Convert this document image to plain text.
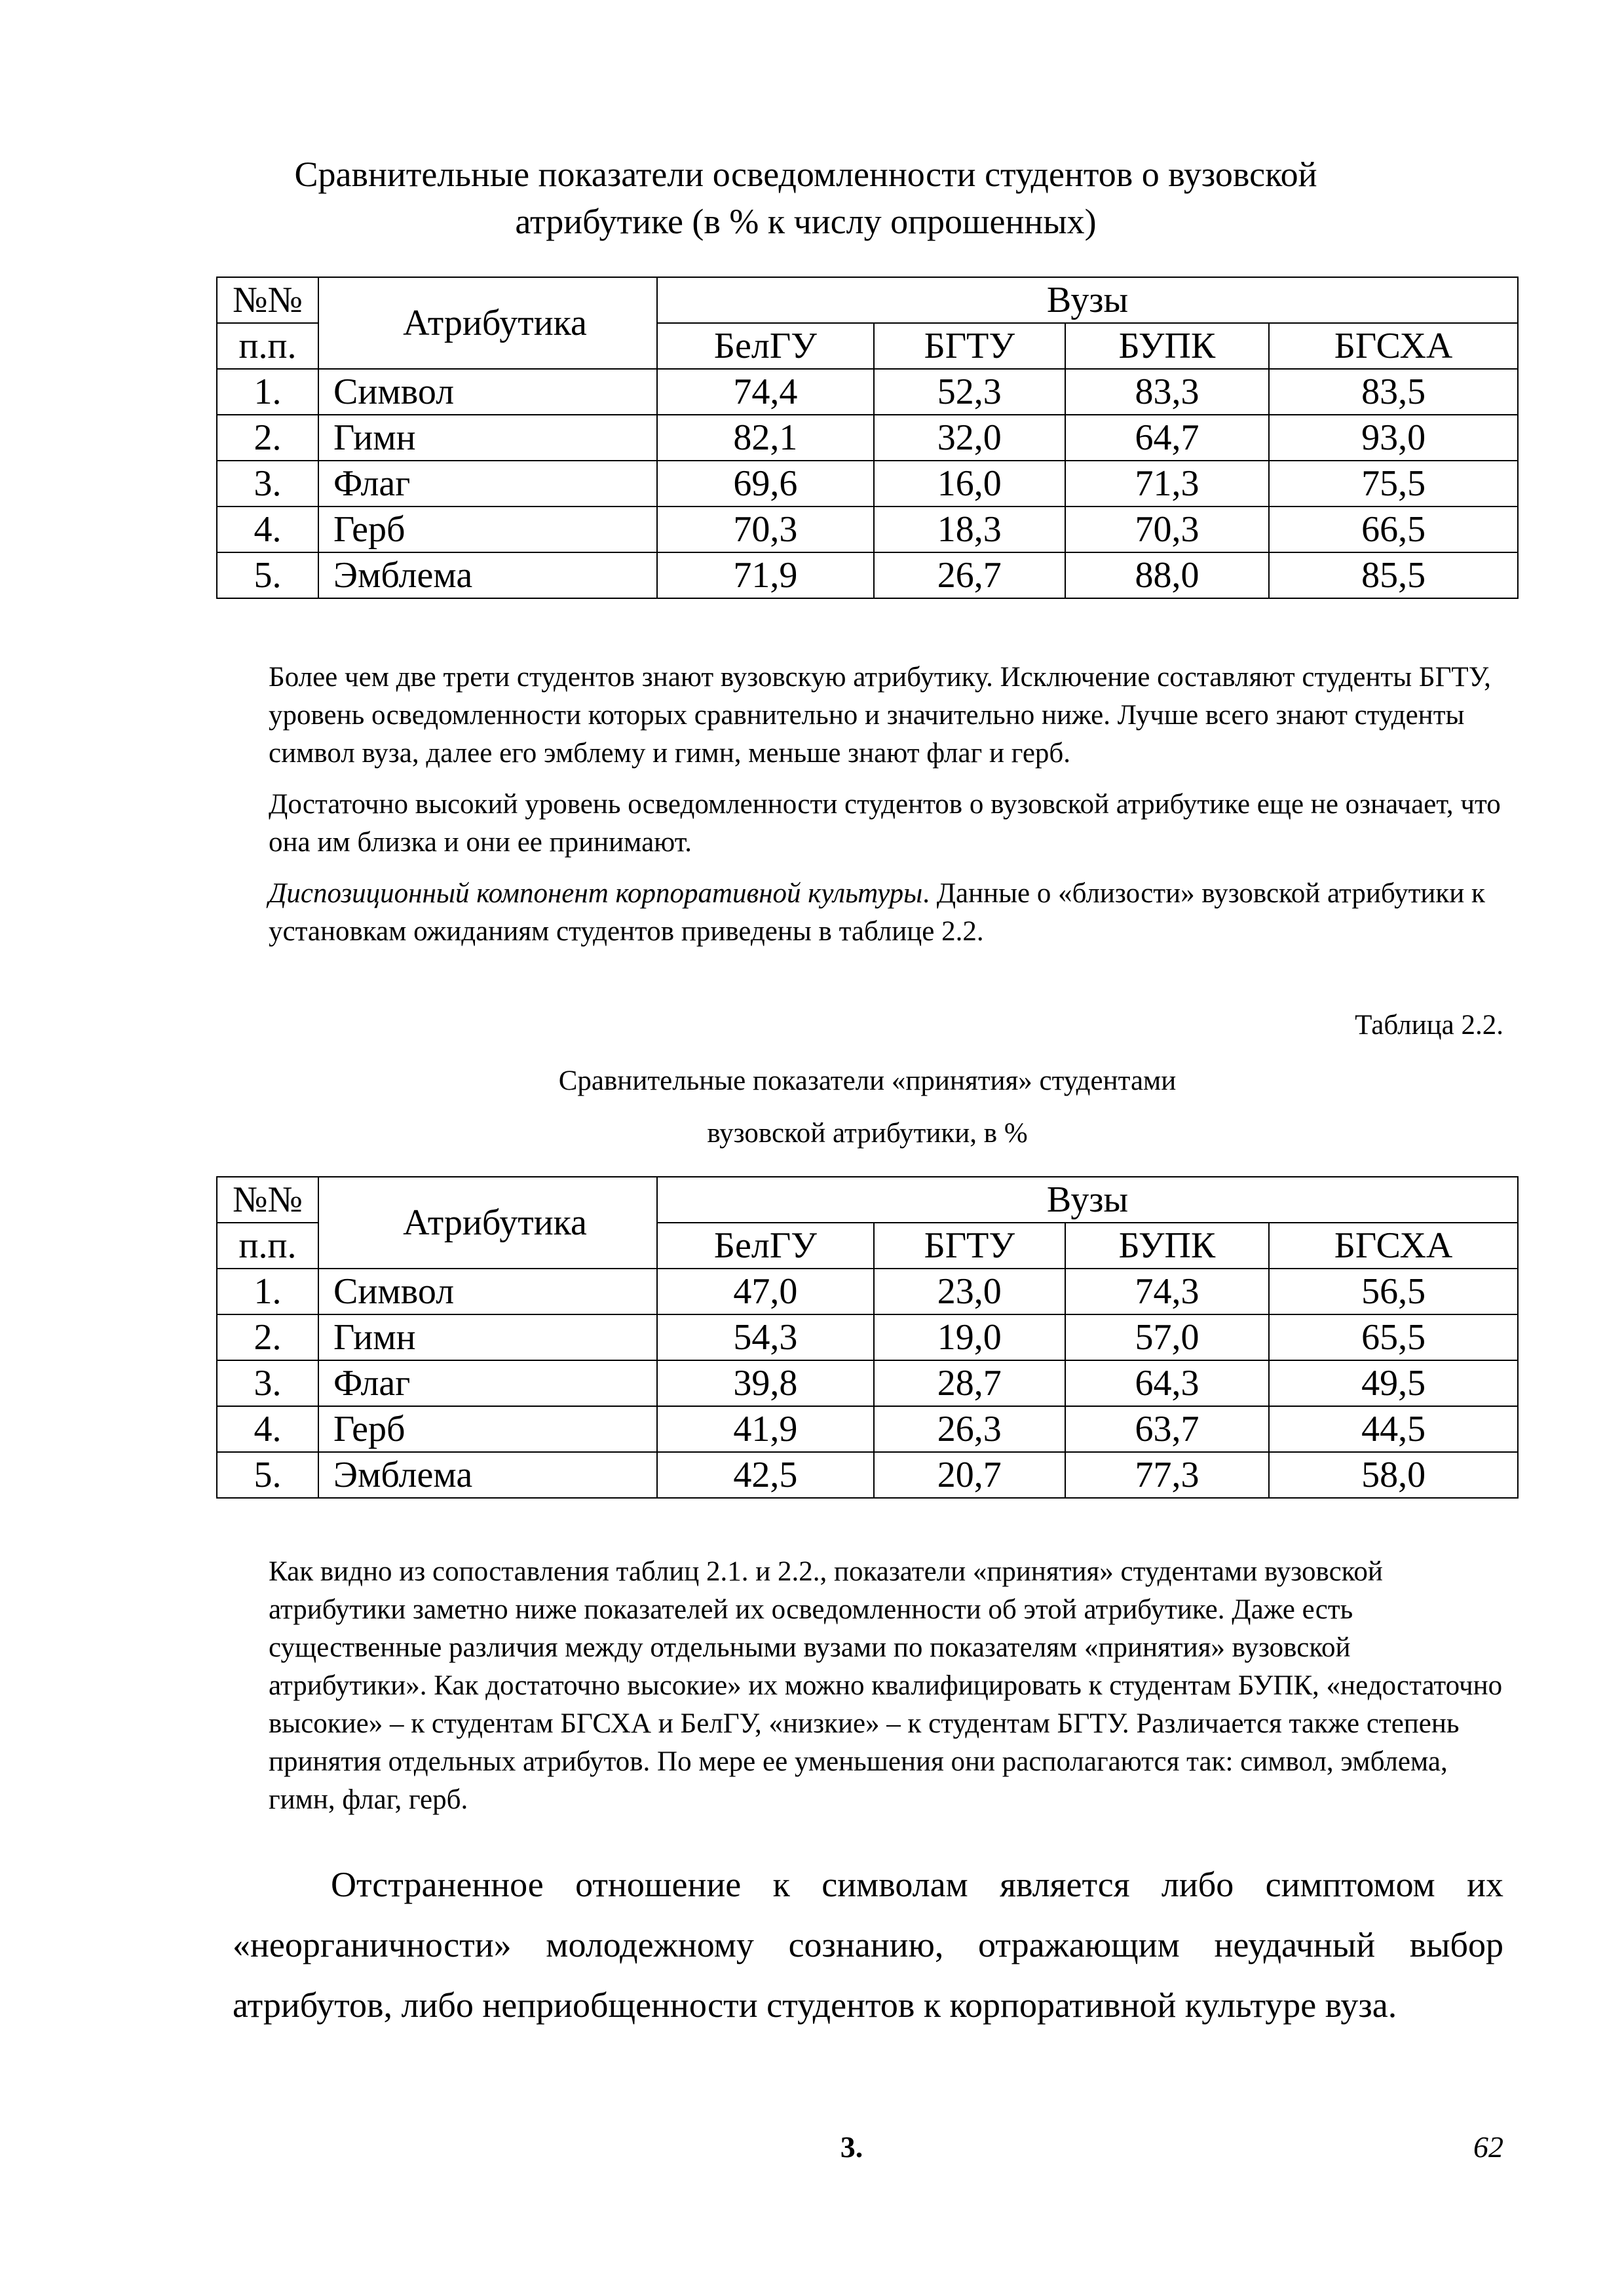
Сравнительные показатели осведомленности студентов о вузовской
атрибутике (в % к числу опрошенных)
№№	Атрибутика	Вузы			
п.п.		БелГУ	БГТУ	БУПК	БГСХА
1.	Символ	74,4	52,3	83,3	83,5
2.	Гимн	82,1	32,0	64,7	93,0
3.	Флаг	69,6	16,0	71,3	75,5
4.	Герб	70,3	18,3	70,3	66,5
5.	Эмблема	71,9	26,7	88,0	85,5

Более чем две трети студентов знают вузовскую атрибутику. Исключение составляют студенты БГТУ, уровень осведомленности которых сравнительно и значительно ниже. Лучше всего знают студенты символ вуза, далее его эмблему и гимн, меньше знают флаг и герб.

Достаточно высокий уровень осведомленности студентов о вузовской атрибутике еще не означает, что она им близка и они ее принимают.

Диспозиционный компонент корпоративной культуры. Данные о «близости» вузовской атрибутики к установкам ожиданиям студентов приведены в таблице 2.2.

Таблица 2.2.
Сравнительные показатели «принятия» студентами
вузовской атрибутики, в %
№№	Атрибутика	Вузы			
п.п.		БелГУ	БГТУ	БУПК	БГСХА
1.	Символ	47,0	23,0	74,3	56,5
2.	Гимн	54,3	19,0	57,0	65,5
3.	Флаг	39,8	28,7	64,3	49,5
4.	Герб	41,9	26,3	63,7	44,5
5.	Эмблема	42,5	20,7	77,3	58,0

Как видно из сопоставления таблиц 2.1. и 2.2., показатели «принятия» студентами вузовской атрибутики заметно ниже показателей их осведомленности об этой атрибутике. Даже есть существенные различия между отдельными вузами по показателям «принятия» вузовской атрибутики». Как достаточно высокие» их можно квалифицировать к студентам БУПК, «недостаточно высокие» – к студентам БГСХА и БелГУ, «низкие» – к студентам БГТУ. Различается также степень принятия отдельных атрибутов. По мере ее уменьшения они располагаются так: символ, эмблема, гимн, флаг, герб.

Отстраненное отношение к символам является либо симптомом их «неорганичности» молодежному сознанию, отражающим неудачный выбор атрибутов, либо неприобщенности студентов к корпоративной культуре вуза.

3.	62
